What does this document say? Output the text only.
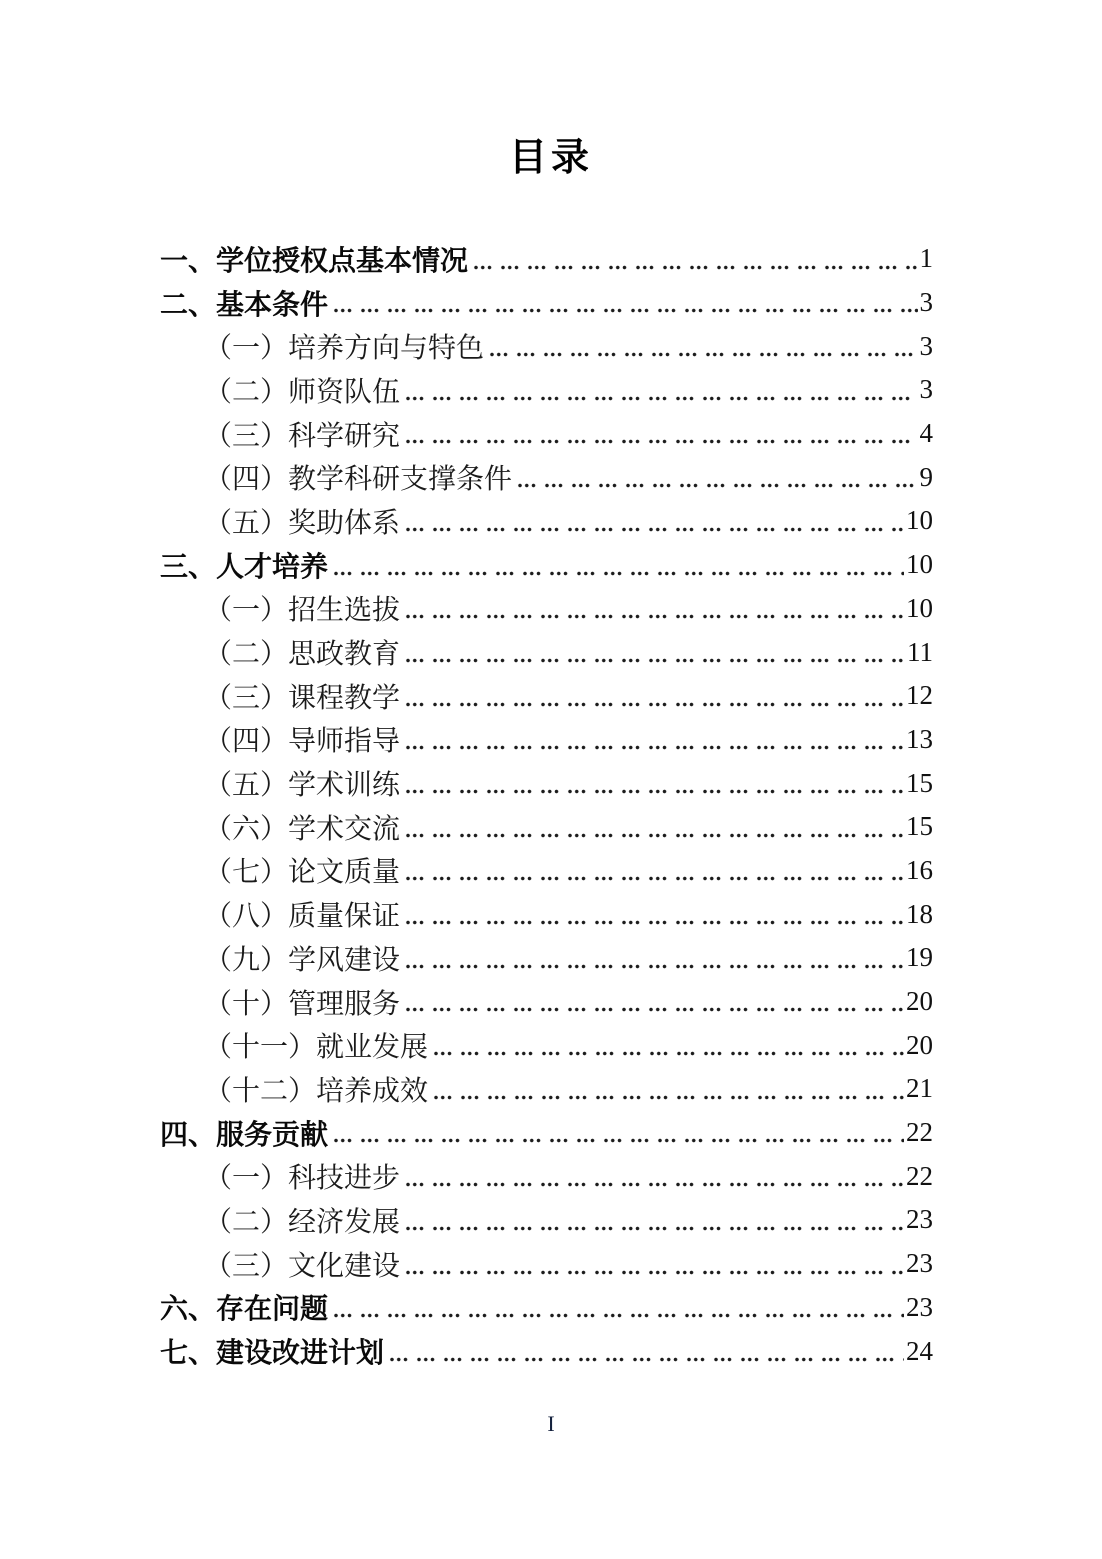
目录
一、学位授权点基本情况	1
二、基本条件	3
（一）培养方向与特色	3
（二）师资队伍	3
（三）科学研究	4
（四）教学科研支撑条件	9
（五）奖助体系	10
三、人才培养	10
（一）招生选拔	10
（二）思政教育	11
（三）课程教学	12
（四）导师指导	13
（五）学术训练	15
（六）学术交流	15
（七）论文质量	16
（八）质量保证	18
（九）学风建设	19
（十）管理服务	20
（十一）就业发展	20
（十二）培养成效	21
四、服务贡献	22
（一）科技进步	22
（二）经济发展	23
（三）文化建设	23
六、存在问题	23
七、建设改进计划	24
I
